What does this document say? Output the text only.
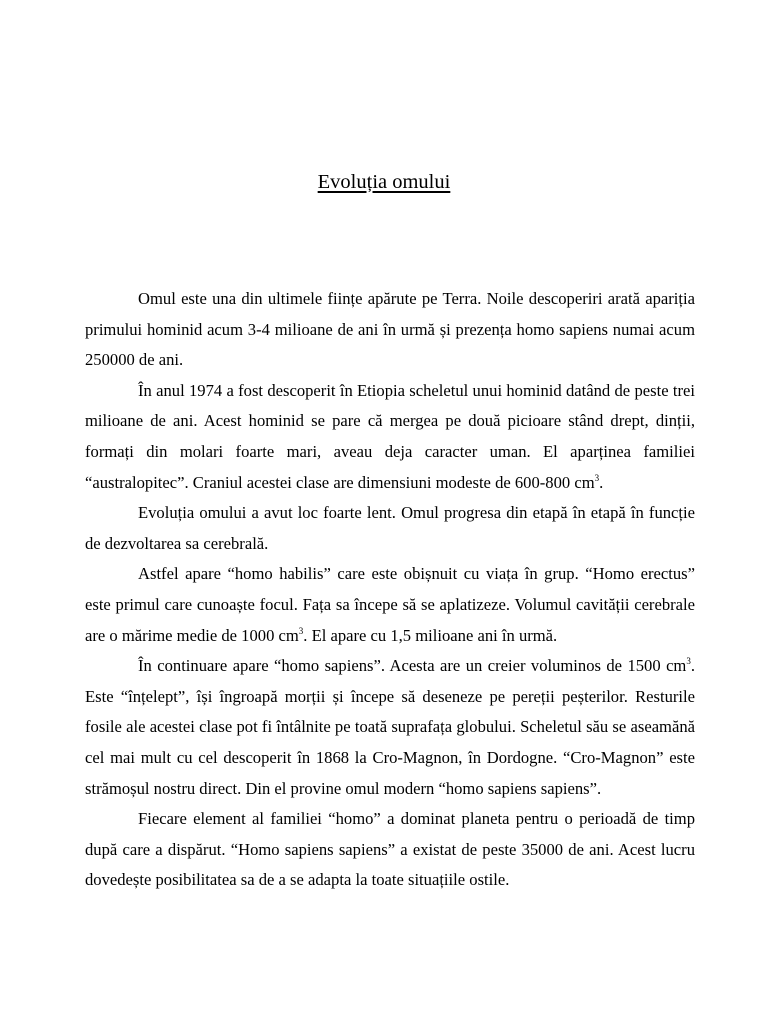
Evoluția omului

Omul este una din ultimele ființe apărute pe Terra. Noile descoperiri arată apariția primului hominid acum 3-4 milioane de ani în urmă și prezența homo sapiens numai acum 250000 de ani.

În anul 1974 a fost descoperit în Etiopia scheletul unui hominid datând de peste trei milioane de ani. Acest hominid se pare că mergea pe două picioare stând drept, dinții, formați din molari foarte mari, aveau deja caracter uman. El aparținea familiei “australopitec”. Craniul acestei clase are dimensiuni modeste de 600-800 $cm^3$.

Evoluția omului a avut loc foarte lent. Omul progresa din etapă în etapă în funcție de dezvoltarea sa cerebrală.

Astfel apare “homo habilis” care este obișnuit cu viața în grup. “Homo erectus” este primul care cunoaște focul. Fața sa începe să se aplatizeze. Volumul cavității cerebrale are o mărime medie de 1000 $cm^3$. El apare cu 1,5 milioane ani în urmă.

În continuare apare “homo sapiens”. Acesta are un creier voluminos de 1500 $cm^3$. Este “înțelept”, își îngroapă morții și începe să deseneze pe pereții peșterilor. Resturile fosile ale acestei clase pot fi întâlnite pe toată suprafața globului. Scheletul său se aseamănă cel mai mult cu cel descoperit în 1868 la Cro-Magnon, în Dordogne. “Cro-Magnon” este strămoșul nostru direct. Din el provine omul modern “homo sapiens sapiens”.

Fiecare element al familiei “homo” a dominat planeta pentru o perioadă de timp după care a dispărut. “Homo sapiens sapiens” a existat de peste 35000 de ani. Acest lucru dovedește posibilitatea sa de a se adapta la toate situațiile ostile.
